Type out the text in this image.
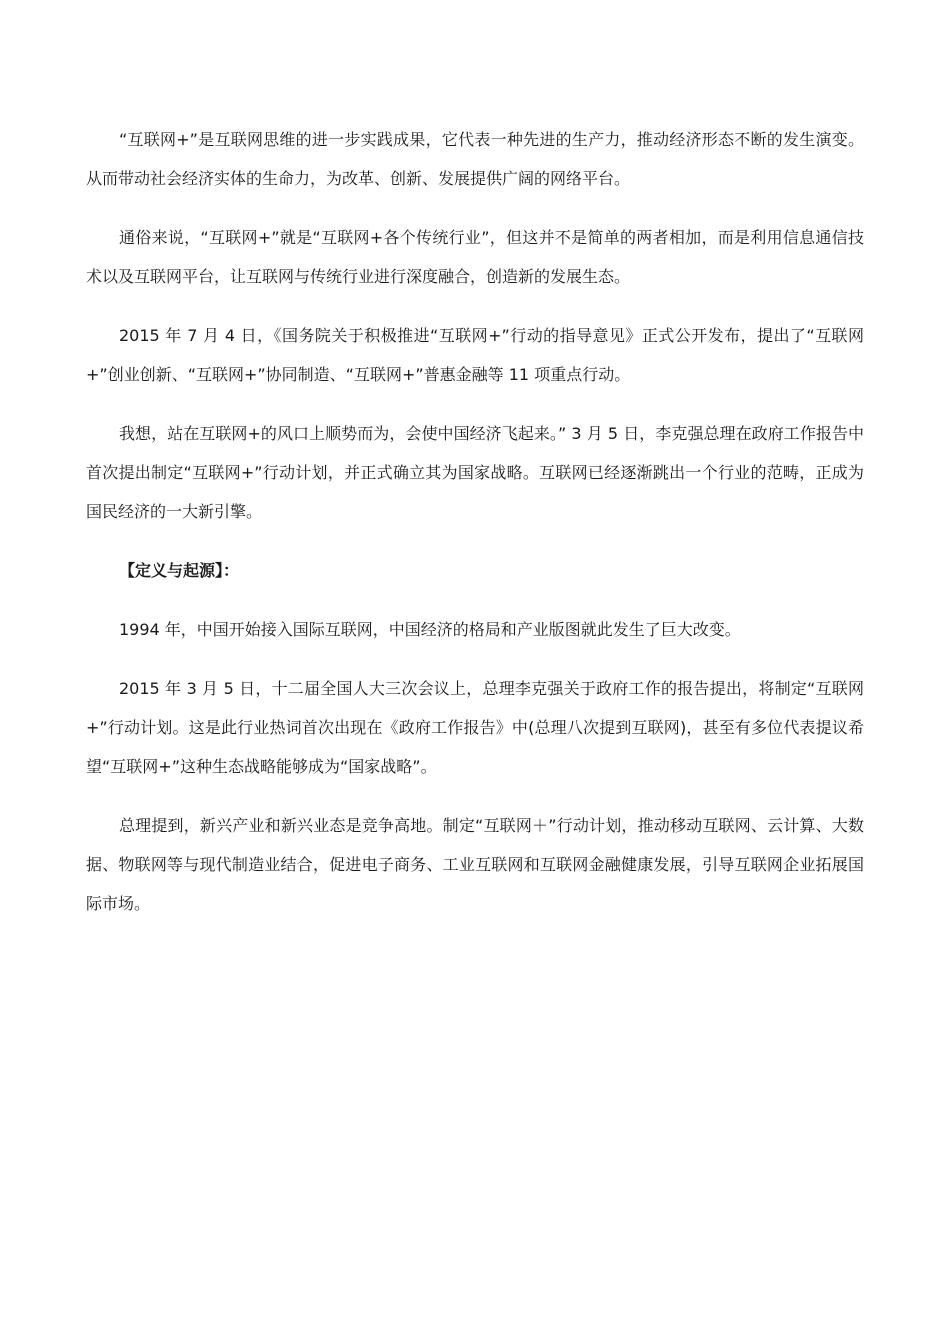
“互联网+”是互联网思维的进一步实践成果，它代表一种先进的生产力，推动经济形态不断的发生演变。从而带动社会经济实体的生命力，为改革、创新、发展提供广阔的网络平台。

通俗来说，“互联网+”就是“互联网+各个传统行业”，但这并不是简单的两者相加，而是利用信息通信技术以及互联网平台，让互联网与传统行业进行深度融合，创造新的发展生态。

2015 年 7 月 4 日，《国务院关于积极推进“互联网+”行动的指导意见》正式公开发布，提出了“互联网+”创业创新、“互联网+”协同制造、“互联网+”普惠金融等 11 项重点行动。

我想，站在互联网+的风口上顺势而为，会使中国经济飞起来。” 3 月 5 日，李克强总理在政府工作报告中首次提出制定“互联网+”行动计划，并正式确立其为国家战略。互联网已经逐渐跳出一个行业的范畴，正成为国民经济的一大新引擎。

【定义与起源】：

1994 年，中国开始接入国际互联网，中国经济的格局和产业版图就此发生了巨大改变。

2015 年 3 月 5 日，十二届全国人大三次会议上，总理李克强关于政府工作的报告提出，将制定“互联网+”行动计划。这是此行业热词首次出现在《政府工作报告》中(总理八次提到互联网)，甚至有多位代表提议希望“互联网+”这种生态战略能够成为“国家战略”。

总理提到，新兴产业和新兴业态是竞争高地。制定“互联网＋”行动计划，推动移动互联网、云计算、大数据、物联网等与现代制造业结合，促进电子商务、工业互联网和互联网金融健康发展，引导互联网企业拓展国际市场。
